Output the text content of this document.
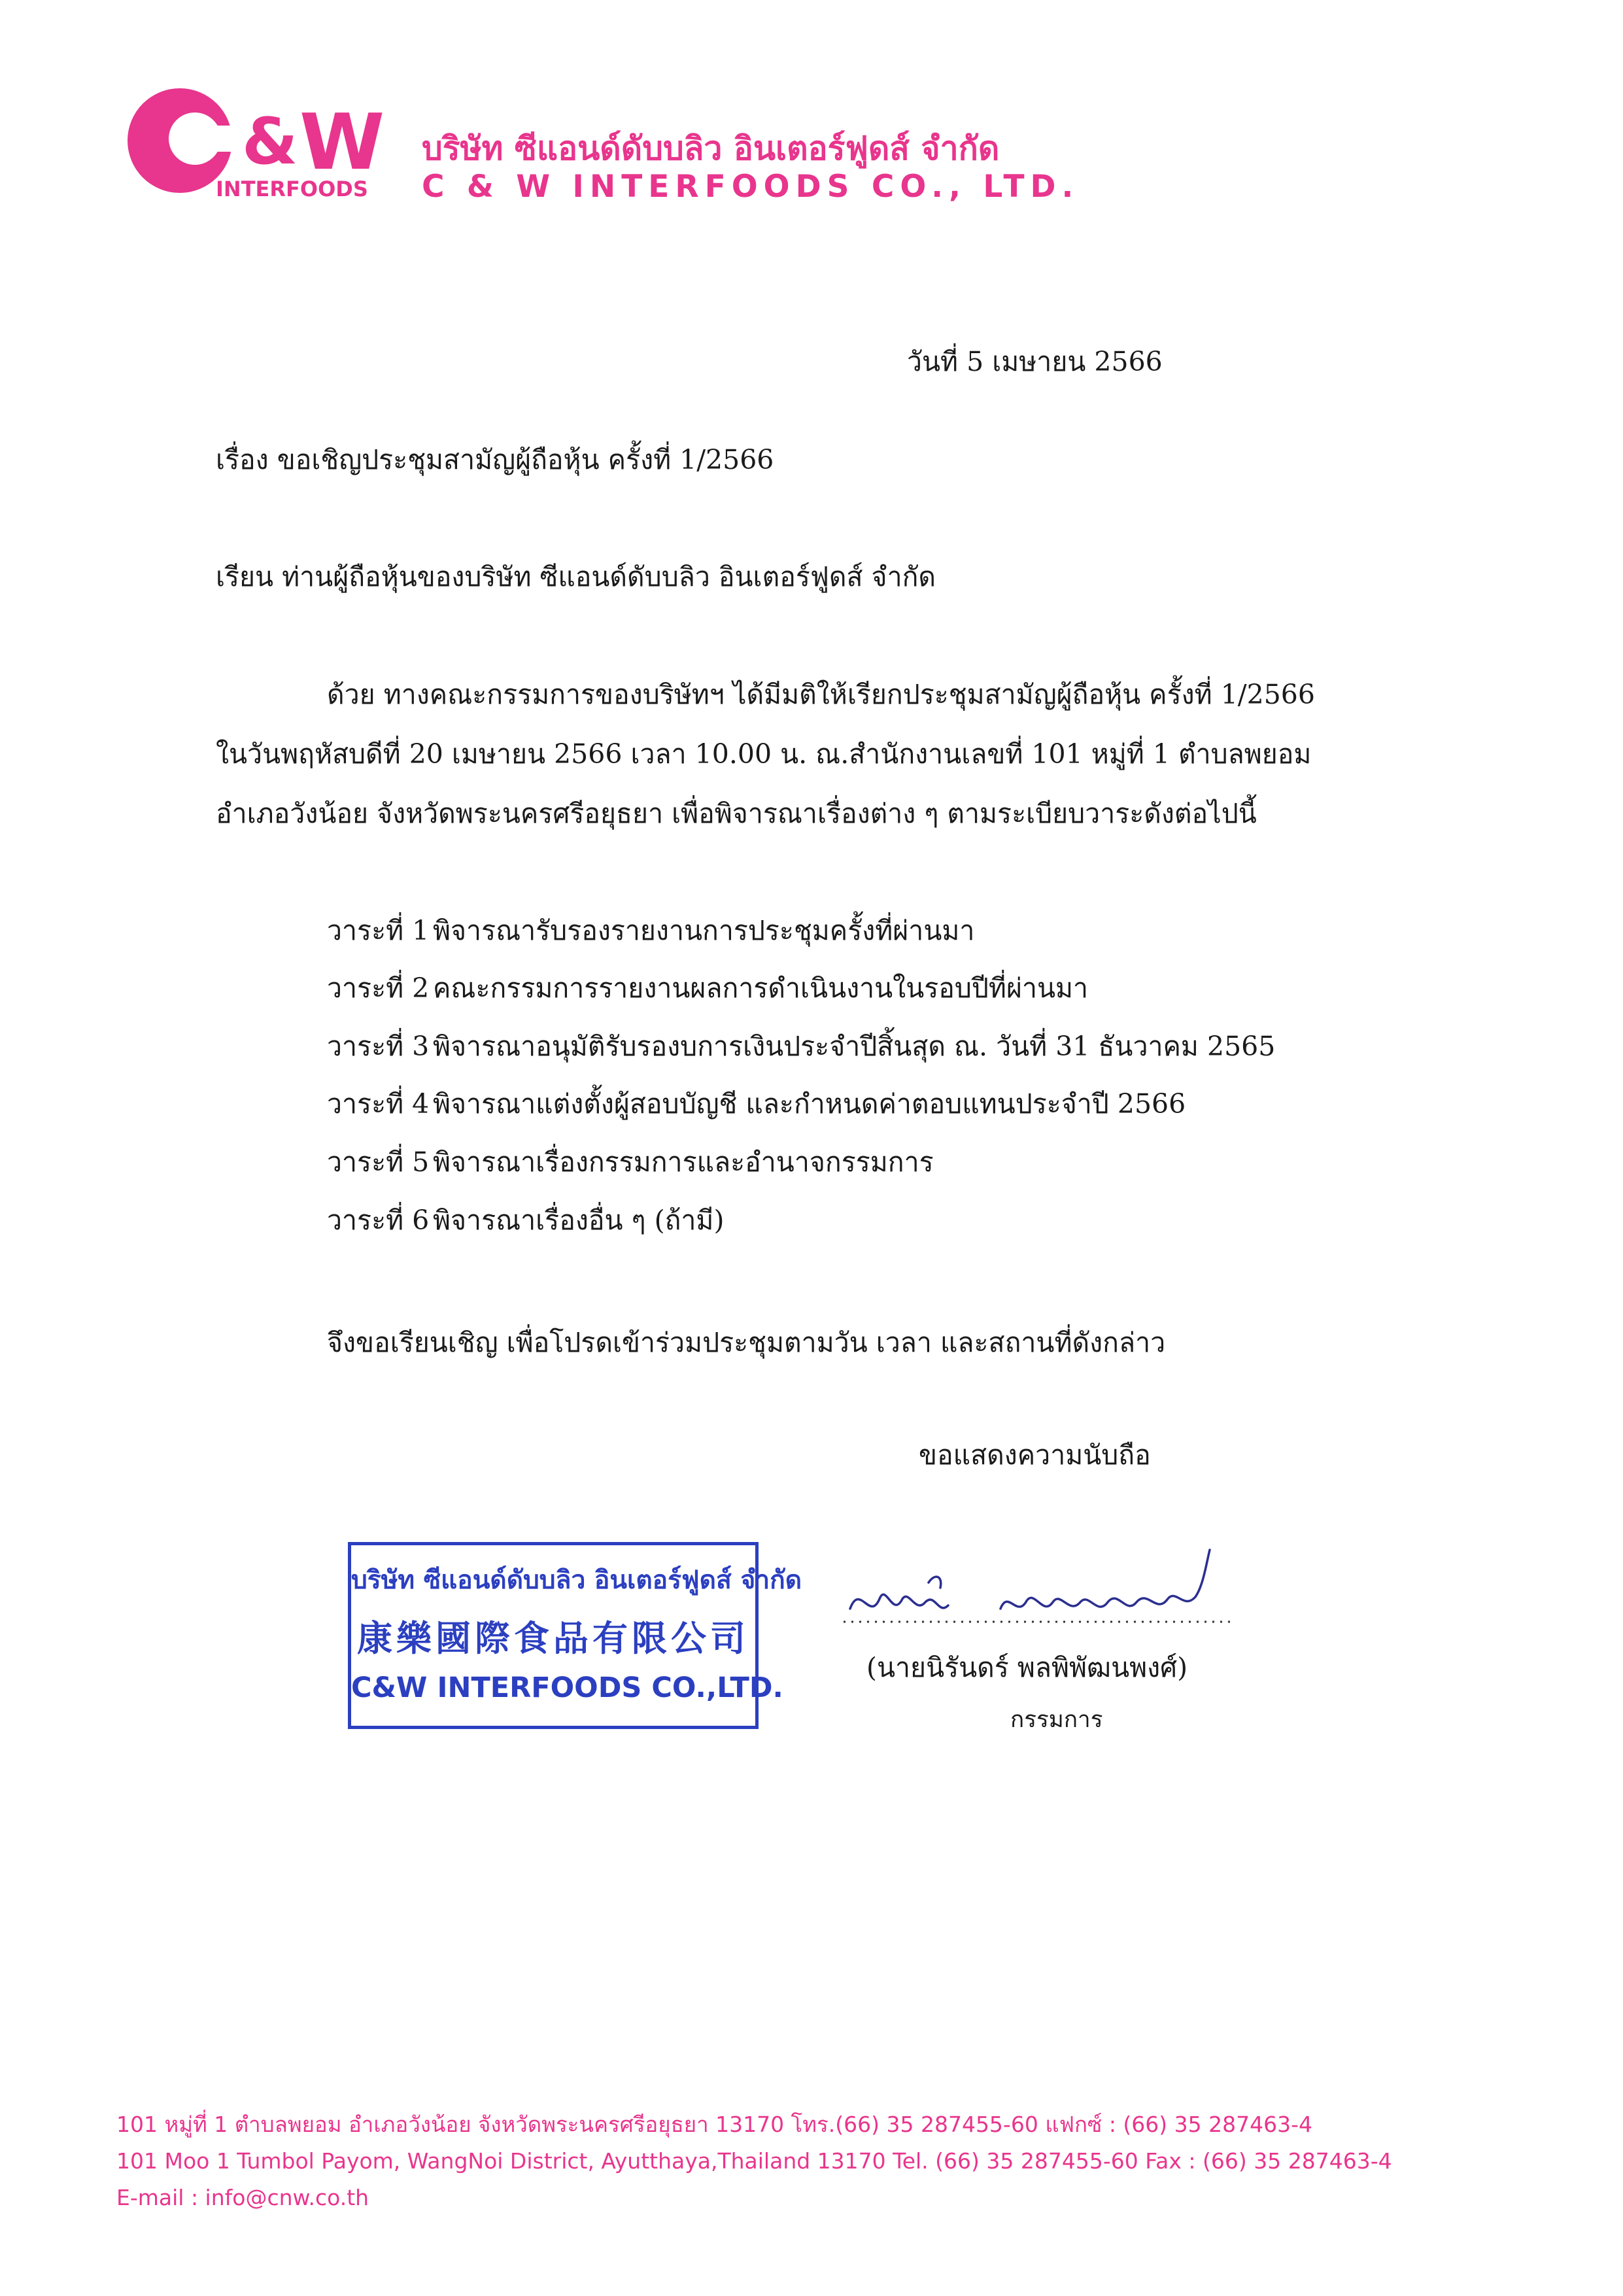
& W
INTERFOODS
บริษัท ซีแอนด์ดับบลิว อินเตอร์ฟูดส์ จำกัด
C & W INTERFOODS CO., LTD.
วันที่ 5 เมษายน 2566
เรื่อง ขอเชิญประชุมสามัญผู้ถือหุ้น ครั้งที่ 1/2566
เรียน ท่านผู้ถือหุ้นของบริษัท ซีแอนด์ดับบลิว อินเตอร์ฟูดส์ จำกัด
ด้วย ทางคณะกรรมการของบริษัทฯ ได้มีมติให้เรียกประชุมสามัญผู้ถือหุ้น ครั้งที่ 1/2566
ในวันพฤหัสบดีที่ 20 เมษายน 2566 เวลา 10.00 น. ณ.สำนักงานเลขที่ 101 หมู่ที่ 1 ตำบลพยอม
อำเภอวังน้อย จังหวัดพระนครศรีอยุธยา เพื่อพิจารณาเรื่องต่าง ๆ ตามระเบียบวาระดังต่อไปนี้
วาระที่ 1 พิจารณารับรองรายงานการประชุมครั้งที่ผ่านมา
วาระที่ 2 คณะกรรมการรายงานผลการดำเนินงานในรอบปีที่ผ่านมา
วาระที่ 3 พิจารณาอนุมัติรับรองบการเงินประจำปีสิ้นสุด ณ. วันที่ 31 ธันวาคม 2565
วาระที่ 4 พิจารณาแต่งตั้งผู้สอบบัญชี และกำหนดค่าตอบแทนประจำปี 2566
วาระที่ 5 พิจารณาเรื่องกรรมการและอำนาจกรรมการ
วาระที่ 6 พิจารณาเรื่องอื่น ๆ (ถ้ามี)
จึงขอเรียนเชิญ เพื่อโปรดเข้าร่วมประชุมตามวัน เวลา และสถานที่ดังกล่าว
ขอแสดงความนับถือ
บริษัท ซีแอนด์ดับบลิว อินเตอร์ฟูดส์ จำกัด
康樂國際食品有限公司
C&W INTERFOODS CO.,LTD.
(นายนิรันดร์ พลพิพัฒนพงศ์)
กรรมการ
101 หมู่ที่ 1 ตำบลพยอม อำเภอวังน้อย จังหวัดพระนครศรีอยุธยา 13170 โทร.(66) 35 287455-60 แฟกซ์ : (66) 35 287463-4
101 Moo 1 Tumbol Payom, WangNoi District, Ayutthaya,Thailand 13170 Tel. (66) 35 287455-60 Fax : (66) 35 287463-4
E-mail : info@cnw.co.th
